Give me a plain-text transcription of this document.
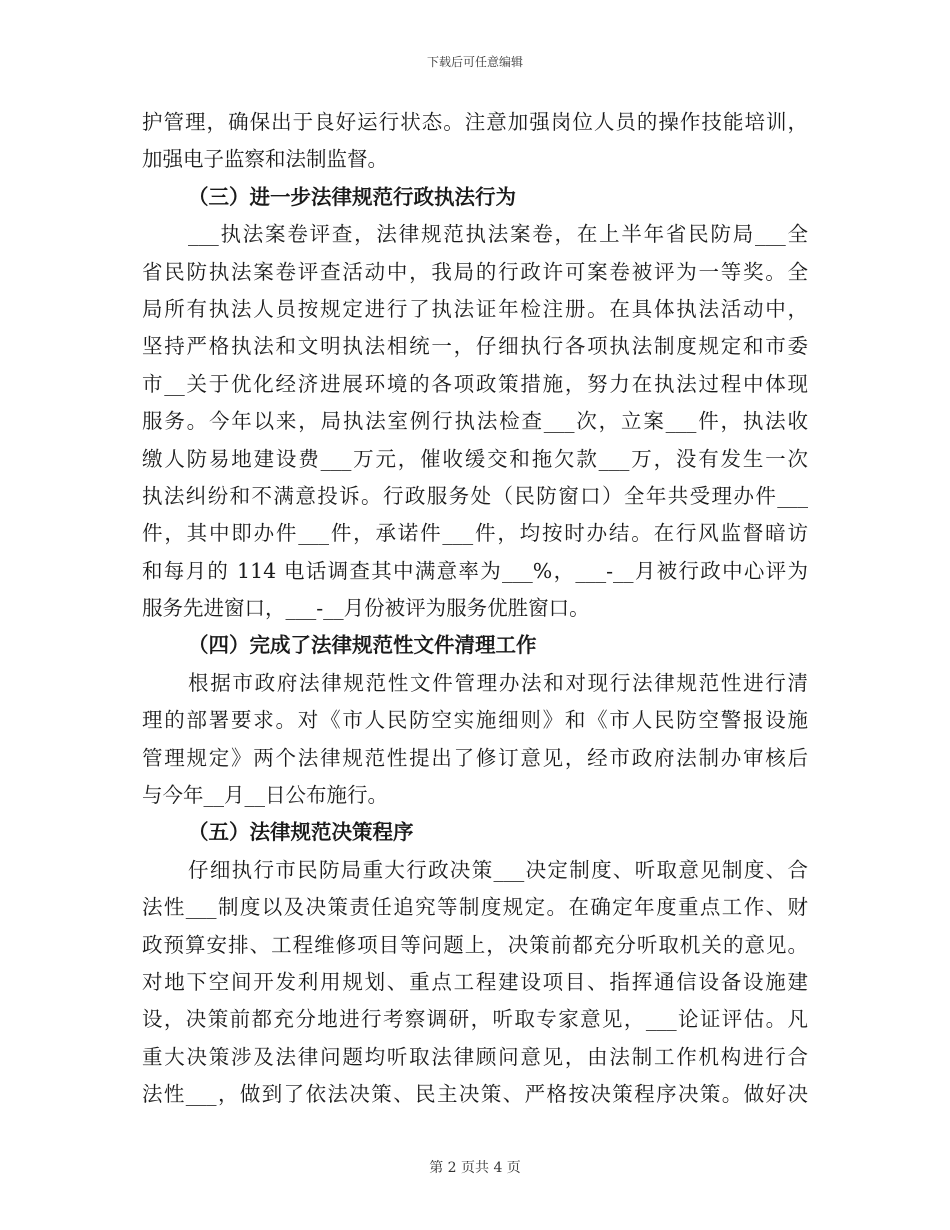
下载后可任意编辑
护管理，确保出于良好运行状态。注意加强岗位人员的操作技能培训，
加强电子监察和法制监督。
（三）进一步法律规范行政执法行为
___执法案卷评查，法律规范执法案卷，在上半年省民防局___全
省民防执法案卷评查活动中，我局的行政许可案卷被评为一等奖。全
局所有执法人员按规定进行了执法证年检注册。在具体执法活动中，
坚持严格执法和文明执法相统一，仔细执行各项执法制度规定和市委
市__关于优化经济进展环境的各项政策措施，努力在执法过程中体现
服务。今年以来，局执法室例行执法检查___次，立案___件，执法收
缴人防易地建设费___万元，催收缓交和拖欠款___万，没有发生一次
执法纠纷和不满意投诉。行政服务处（民防窗口）全年共受理办件___
件，其中即办件___件，承诺件___件，均按时办结。在行风监督暗访
和每月的 114 电话调查其中满意率为___%，___-__月被行政中心评为
服务先进窗口，___-__月份被评为服务优胜窗口。
（四）完成了法律规范性文件清理工作
根据市政府法律规范性文件管理办法和对现行法律规范性进行清
理的部署要求。对《市人民防空实施细则》和《市人民防空警报设施
管理规定》两个法律规范性提出了修订意见，经市政府法制办审核后
与今年__月__日公布施行。
（五）法律规范决策程序
仔细执行市民防局重大行政决策___决定制度、听取意见制度、合
法性___制度以及决策责任追究等制度规定。在确定年度重点工作、财
政预算安排、工程维修项目等问题上，决策前都充分听取机关的意见。
对地下空间开发利用规划、重点工程建设项目、指挥通信设备设施建
设，决策前都充分地进行考察调研，听取专家意见，___论证评估。凡
重大决策涉及法律问题均听取法律顾问意见，由法制工作机构进行合
法性___，做到了依法决策、民主决策、严格按决策程序决策。做好决
第 2 页共 4 页
